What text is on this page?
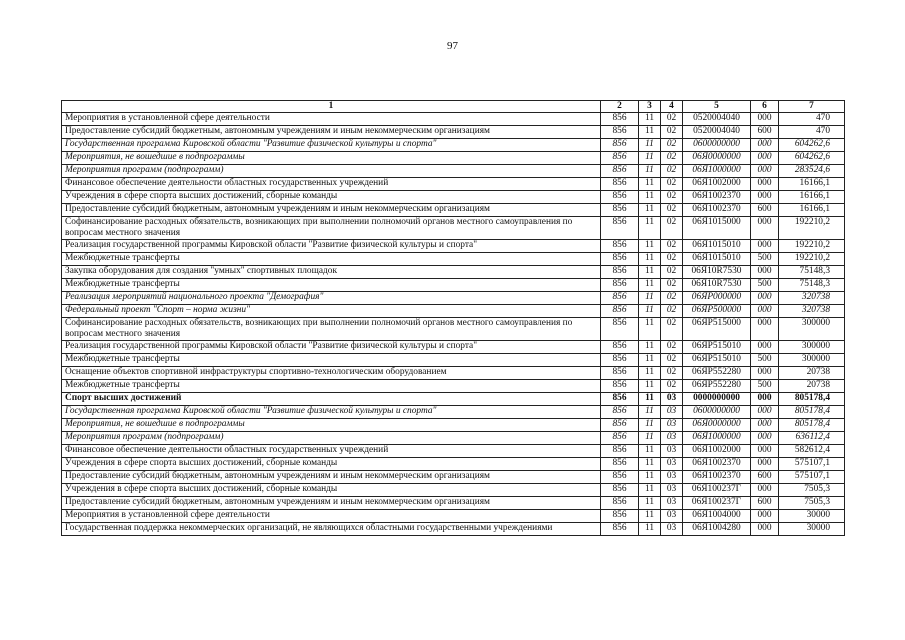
97
1	2	3	4	5	6	7
Мероприятия в установленной сфере деятельности	856	11	02	0520004040	000	470
Предоставление субсидий бюджетным, автономным учреждениям и иным некоммерческим организациям	856	11	02	0520004040	600	470
Государственная программа Кировской области "Развитие физической культуры и спорта"	856	11	02	0600000000	000	604262,6
Мероприятия, не вошедшие в подпрограммы	856	11	02	06Я0000000	000	604262,6
Мероприятия программ (подпрограмм)	856	11	02	06Я1000000	000	283524,6
Финансовое обеспечение деятельности областных государственных учреждений	856	11	02	06Я1002000	000	16166,1
Учреждения в сфере спорта высших достижений, сборные команды	856	11	02	06Я1002370	000	16166,1
Предоставление субсидий бюджетным, автономным учреждениям и иным некоммерческим организациям	856	11	02	06Я1002370	600	16166,1
Софинансирование расходных обязательств, возникающих при выполнении полномочий органов местного самоуправления по вопросам местного значения	856	11	02	06Я1015000	000	192210,2
Реализация государственной программы Кировской области "Развитие физической культуры и спорта"	856	11	02	06Я1015010	000	192210,2
Межбюджетные трансферты	856	11	02	06Я1015010	500	192210,2
Закупка оборудования для создания "умных" спортивных площадок	856	11	02	06Я10R7530	000	75148,3
Межбюджетные трансферты	856	11	02	06Я10R7530	500	75148,3
Реализация мероприятий национального проекта "Демография"	856	11	02	06ЯР000000	000	320738
Федеральный проект "Спорт – норма жизни"	856	11	02	06ЯР500000	000	320738
Софинансирование расходных обязательств, возникающих при выполнении полномочий органов местного самоуправления по вопросам местного значения	856	11	02	06ЯР515000	000	300000
Реализация государственной программы Кировской области "Развитие физической культуры и спорта"	856	11	02	06ЯР515010	000	300000
Межбюджетные трансферты	856	11	02	06ЯР515010	500	300000
Оснащение объектов спортивной инфраструктуры спортивно-технологическим оборудованием	856	11	02	06ЯР552280	000	20738
Межбюджетные трансферты	856	11	02	06ЯР552280	500	20738
Спорт высших достижений	856	11	03	0000000000	000	805178,4
Государственная программа Кировской области "Развитие физической культуры и спорта"	856	11	03	0600000000	000	805178,4
Мероприятия, не вошедшие в подпрограммы	856	11	03	06Я0000000	000	805178,4
Мероприятия программ (подпрограмм)	856	11	03	06Я1000000	000	636112,4
Финансовое обеспечение деятельности областных государственных учреждений	856	11	03	06Я1002000	000	582612,4
Учреждения в сфере спорта высших достижений, сборные команды	856	11	03	06Я1002370	000	575107,1
Предоставление субсидий бюджетным, автономным учреждениям и иным некоммерческим организациям	856	11	03	06Я1002370	600	575107,1
Учреждения в сфере спорта высших достижений, сборные команды	856	11	03	06Я100237Г	000	7505,3
Предоставление субсидий бюджетным, автономным учреждениям и иным некоммерческим организациям	856	11	03	06Я100237Г	600	7505,3
Мероприятия в установленной сфере деятельности	856	11	03	06Я1004000	000	30000
Государственная поддержка некоммерческих организаций, не являющихся областными государственными учреждениями	856	11	03	06Я1004280	000	30000
